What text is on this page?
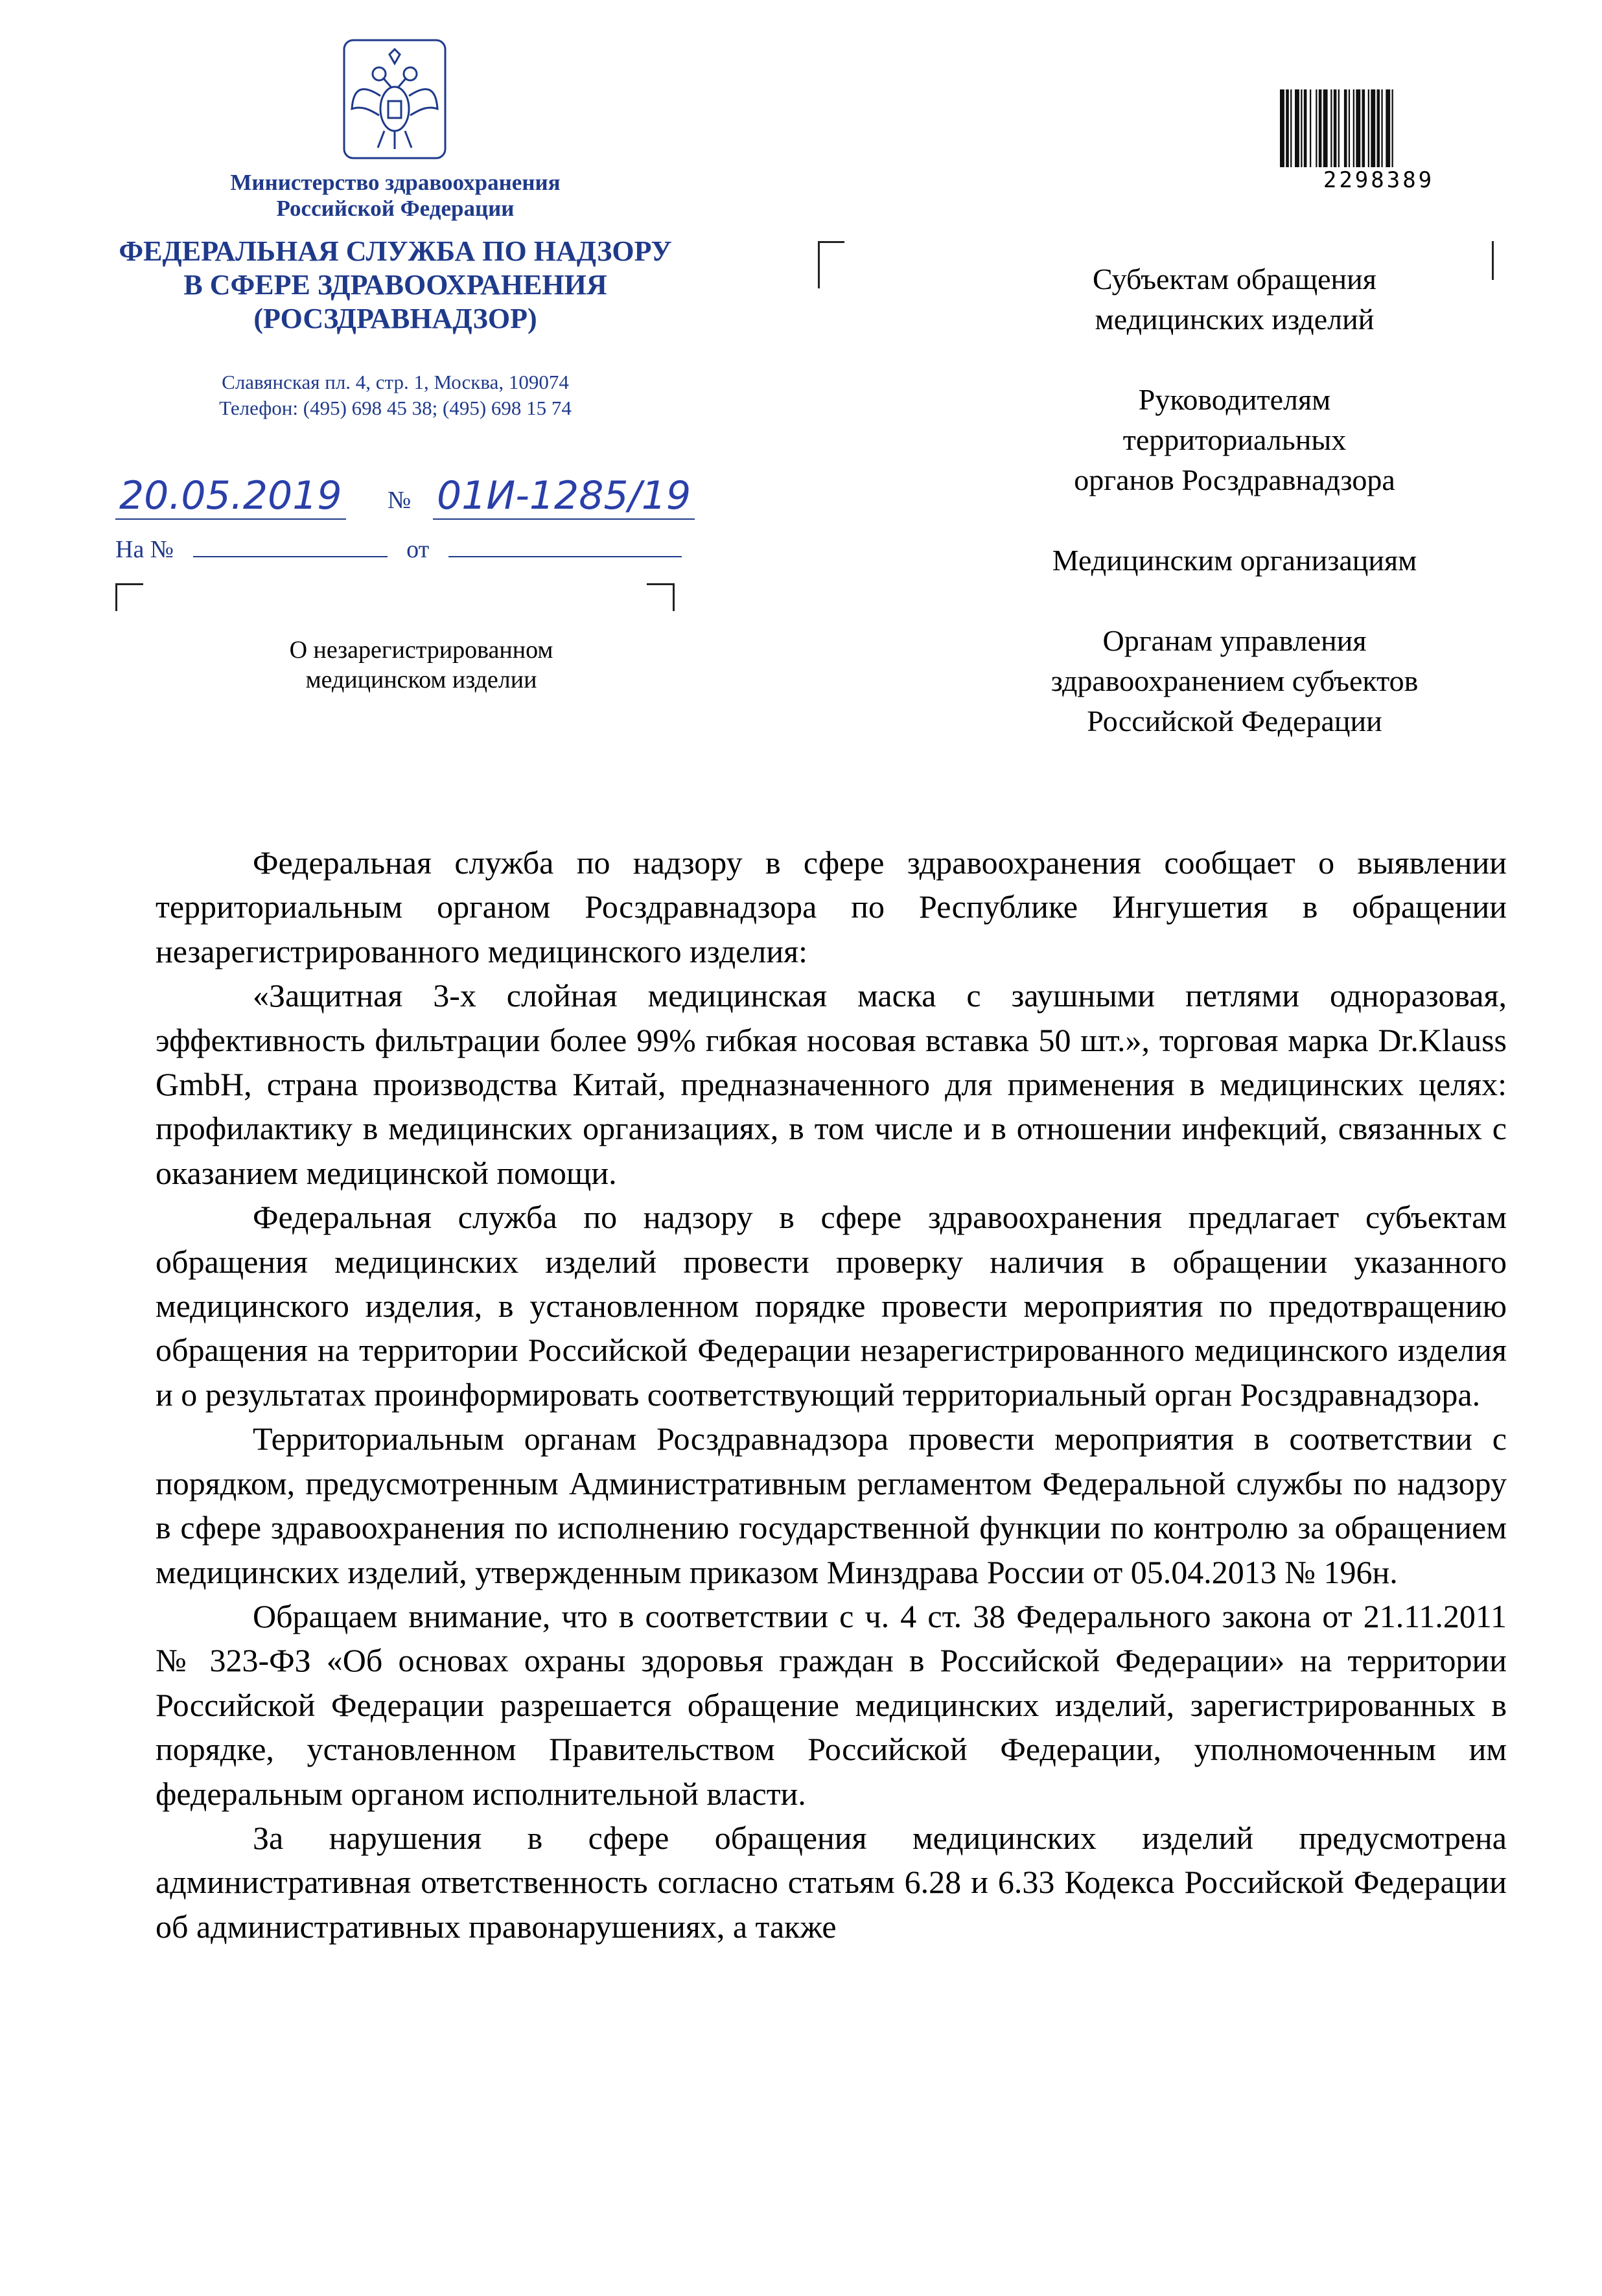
Министерство здравоохранения
Российской Федерации
ФЕДЕРАЛЬНАЯ СЛУЖБА ПО НАДЗОРУ
В СФЕРЕ ЗДРАВООХРАНЕНИЯ
(РОСЗДРАВНАДЗОР)
Славянская пл. 4, стр. 1, Москва, 109074
Телефон: (495) 698 45 38; (495) 698 15 74
20.05.2019 № 01И-1285/19
На №	от
О незарегистрированном
медицинском изделии
2298389

Субъектам обращения
медицинских изделий

Руководителям
территориальных
органов Росздравнадзора

Медицинским организациям

Органам управления
здравоохранением субъектов
Российской Федерации

Федеральная служба по надзору в сфере здравоохранения сообщает о выявлении территориальным органом Росздравнадзора по Республике Ингушетия в обращении незарегистрированного медицинского изделия:

«Защитная 3-х слойная медицинская маска с заушными петлями одноразовая, эффективность фильтрации более 99% гибкая носовая вставка 50 шт.», торговая марка Dr.Klauss GmbH, страна производства Китай, предназначенного для применения в медицинских целях: профилактику в медицинских организациях, в том числе и в отношении инфекций, связанных с оказанием медицинской помощи.

Федеральная служба по надзору в сфере здравоохранения предлагает субъектам обращения медицинских изделий провести проверку наличия в обращении указанного медицинского изделия, в установленном порядке провести мероприятия по предотвращению обращения на территории Российской Федерации незарегистрированного медицинского изделия и о результатах проинформировать соответствующий территориальный орган Росздравнадзора.

Территориальным органам Росздравнадзора провести мероприятия в соответствии с порядком, предусмотренным Административным регламентом Федеральной службы по надзору в сфере здравоохранения по исполнению государственной функции по контролю за обращением медицинских изделий, утвержденным приказом Минздрава России от 05.04.2013 № 196н.

Обращаем внимание, что в соответствии с ч. 4 ст. 38 Федерального закона от 21.11.2011 № 323-ФЗ «Об основах охраны здоровья граждан в Российской Федерации» на территории Российской Федерации разрешается обращение медицинских изделий, зарегистрированных в порядке, установленном Правительством Российской Федерации, уполномоченным им федеральным органом исполнительной власти.

За нарушения в сфере обращения медицинских изделий предусмотрена административная ответственность согласно статьям 6.28 и 6.33 Кодекса Российской Федерации об административных правонарушениях, а также
